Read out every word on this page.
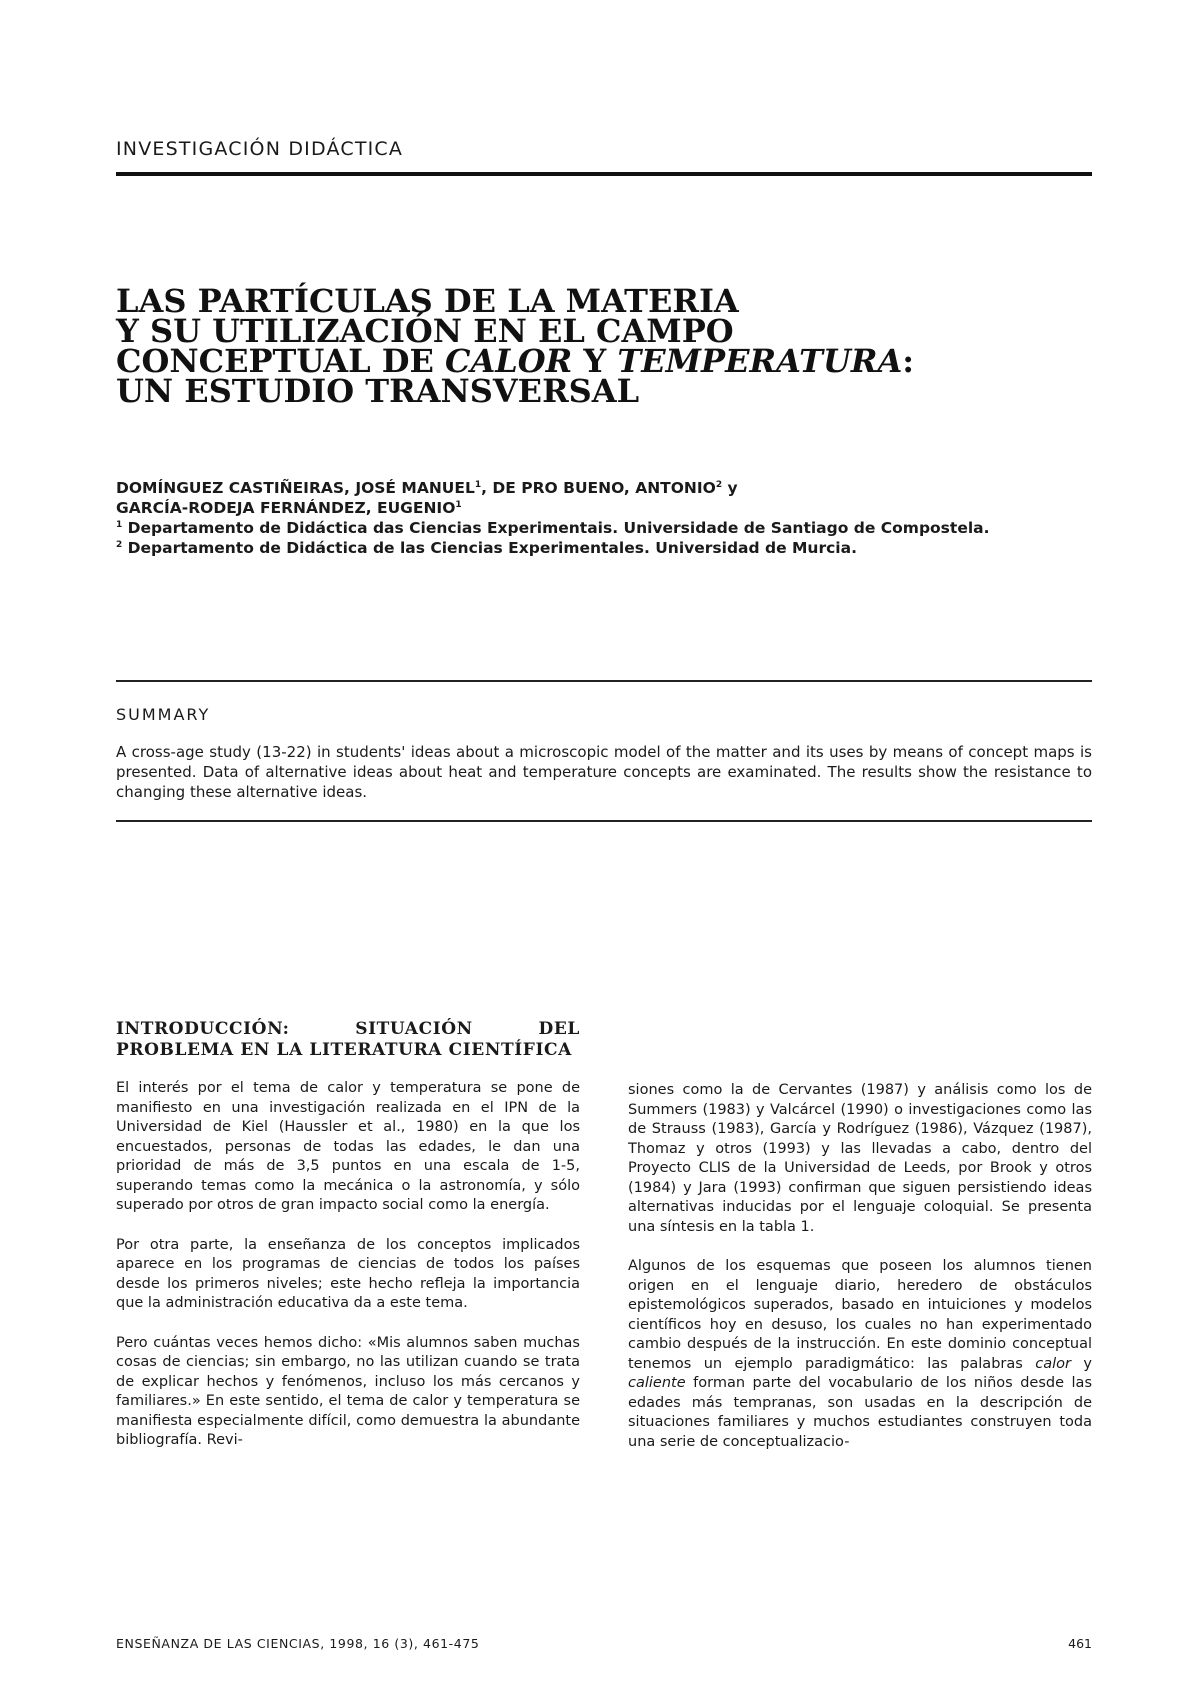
INVESTIGACIÓN DIDÁCTICA
LAS PARTÍCULAS DE LA MATERIA
Y SU UTILIZACIÓN EN EL CAMPO
CONCEPTUAL DE CALOR Y TEMPERATURA:
UN ESTUDIO TRANSVERSAL
DOMÍNGUEZ CASTIÑEIRAS, JOSÉ MANUEL$^1$, DE PRO BUENO, ANTONIO$^2$ y
GARCÍA-RODEJA FERNÁNDEZ, EUGENIO$^1$
$^1$ Departamento de Didáctica das Ciencias Experimentais. Universidade de Santiago de Compostela.
$^2$ Departamento de Didáctica de las Ciencias Experimentales. Universidad de Murcia.
SUMMARY
A cross-age study (13-22) in students' ideas about a microscopic model of the matter and its uses by means of concept maps is presented. Data of alternative ideas about heat and temperature concepts are examinated. The results show the resistance to changing these alternative ideas.
INTRODUCCIÓN: SITUACIÓN DEL PROBLEMA EN LA LITERATURA CIENTÍFICA

El interés por el tema de calor y temperatura se pone de manifiesto en una investigación realizada en el IPN de la Universidad de Kiel (Haussler et al., 1980) en la que los encuestados, personas de todas las edades, le dan una prioridad de más de 3,5 puntos en una escala de 1-5, superando temas como la mecánica o la astronomía, y sólo superado por otros de gran impacto social como la energía.

Por otra parte, la enseñanza de los conceptos implicados aparece en los programas de ciencias de todos los países desde los primeros niveles; este hecho refleja la importancia que la administración educativa da a este tema.

Pero cuántas veces hemos dicho: «Mis alumnos saben muchas cosas de ciencias; sin embargo, no las utilizan cuando se trata de explicar hechos y fenómenos, incluso los más cercanos y familiares.» En este sentido, el tema de calor y temperatura se manifiesta especialmente difícil, como demuestra la abundante bibliografía. Revi-

siones como la de Cervantes (1987) y análisis como los de Summers (1983) y Valcárcel (1990) o investigaciones como las de Strauss (1983), García y Rodríguez (1986), Vázquez (1987), Thomaz y otros (1993) y las llevadas a cabo, dentro del Proyecto CLIS de la Universidad de Leeds, por Brook y otros (1984) y Jara (1993) confirman que siguen persistiendo ideas alternativas inducidas por el lenguaje coloquial. Se presenta una síntesis en la tabla 1.

Algunos de los esquemas que poseen los alumnos tienen origen en el lenguaje diario, heredero de obstáculos epistemológicos superados, basado en intuiciones y modelos científicos hoy en desuso, los cuales no han experimentado cambio después de la instrucción. En este dominio conceptual tenemos un ejemplo paradigmático: las palabras calor y caliente forman parte del vocabulario de los niños desde las edades más tempranas, son usadas en la descripción de situaciones familiares y muchos estudiantes construyen toda una serie de conceptualizacio-

ENSEÑANZA DE LAS CIENCIAS, 1998, 16 (3), 461-475	461
